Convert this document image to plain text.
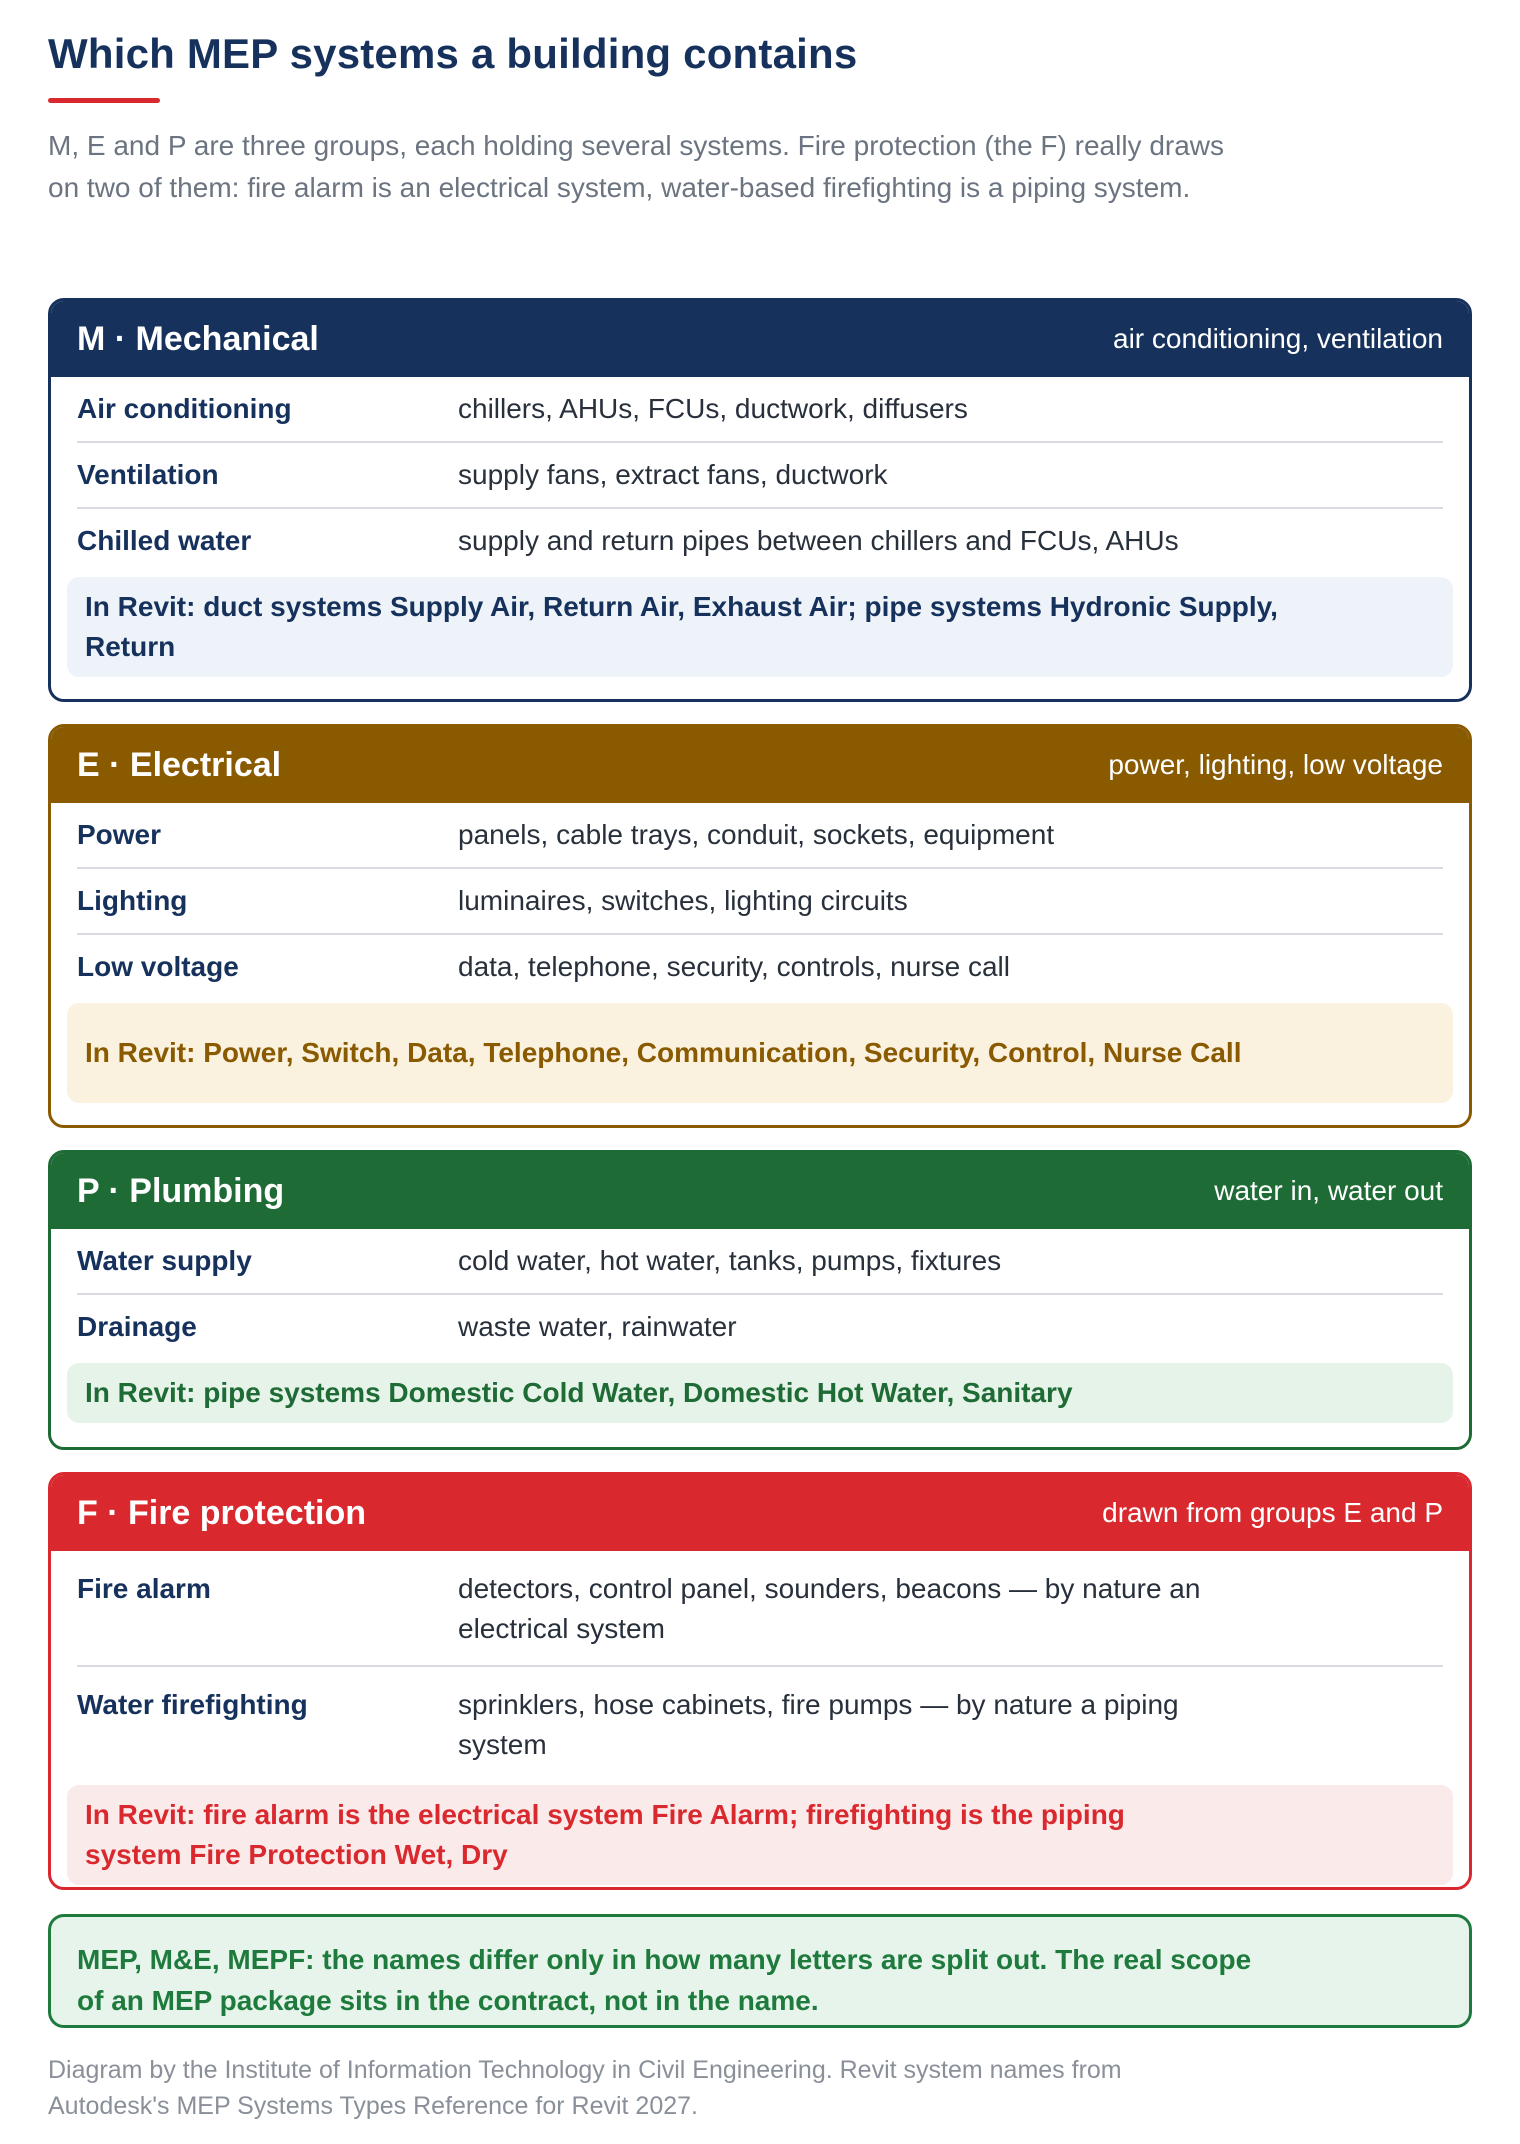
Which MEP systems a building contains
M, E and P are three groups, each holding several systems. Fire protection (the F) really draws on two of them: fire alarm is an electrical system, water-based firefighting is a piping system.
M · Mechanical	air conditioning, ventilation
Air conditioning	chillers, AHUs, FCUs, ductwork, diffusers
Ventilation	supply fans, extract fans, ductwork
Chilled water	supply and return pipes between chillers and FCUs, AHUs
In Revit: duct systems Supply Air, Return Air, Exhaust Air; pipe systems Hydronic Supply, Return
E · Electrical	power, lighting, low voltage
Power	panels, cable trays, conduit, sockets, equipment
Lighting	luminaires, switches, lighting circuits
Low voltage	data, telephone, security, controls, nurse call
In Revit: Power, Switch, Data, Telephone, Communication, Security, Control, Nurse Call
P · Plumbing	water in, water out
Water supply	cold water, hot water, tanks, pumps, fixtures
Drainage	waste water, rainwater
In Revit: pipe systems Domestic Cold Water, Domestic Hot Water, Sanitary
F · Fire protection	drawn from groups E and P
Fire alarm	detectors, control panel, sounders, beacons — by nature an electrical system
Water firefighting	sprinklers, hose cabinets, fire pumps — by nature a piping system
In Revit: fire alarm is the electrical system Fire Alarm; firefighting is the piping system Fire Protection Wet, Dry
MEP, M&E, MEPF: the names differ only in how many letters are split out. The real scope of an MEP package sits in the contract, not in the name.
Diagram by the Institute of Information Technology in Civil Engineering. Revit system names from Autodesk's MEP Systems Types Reference for Revit 2027.
